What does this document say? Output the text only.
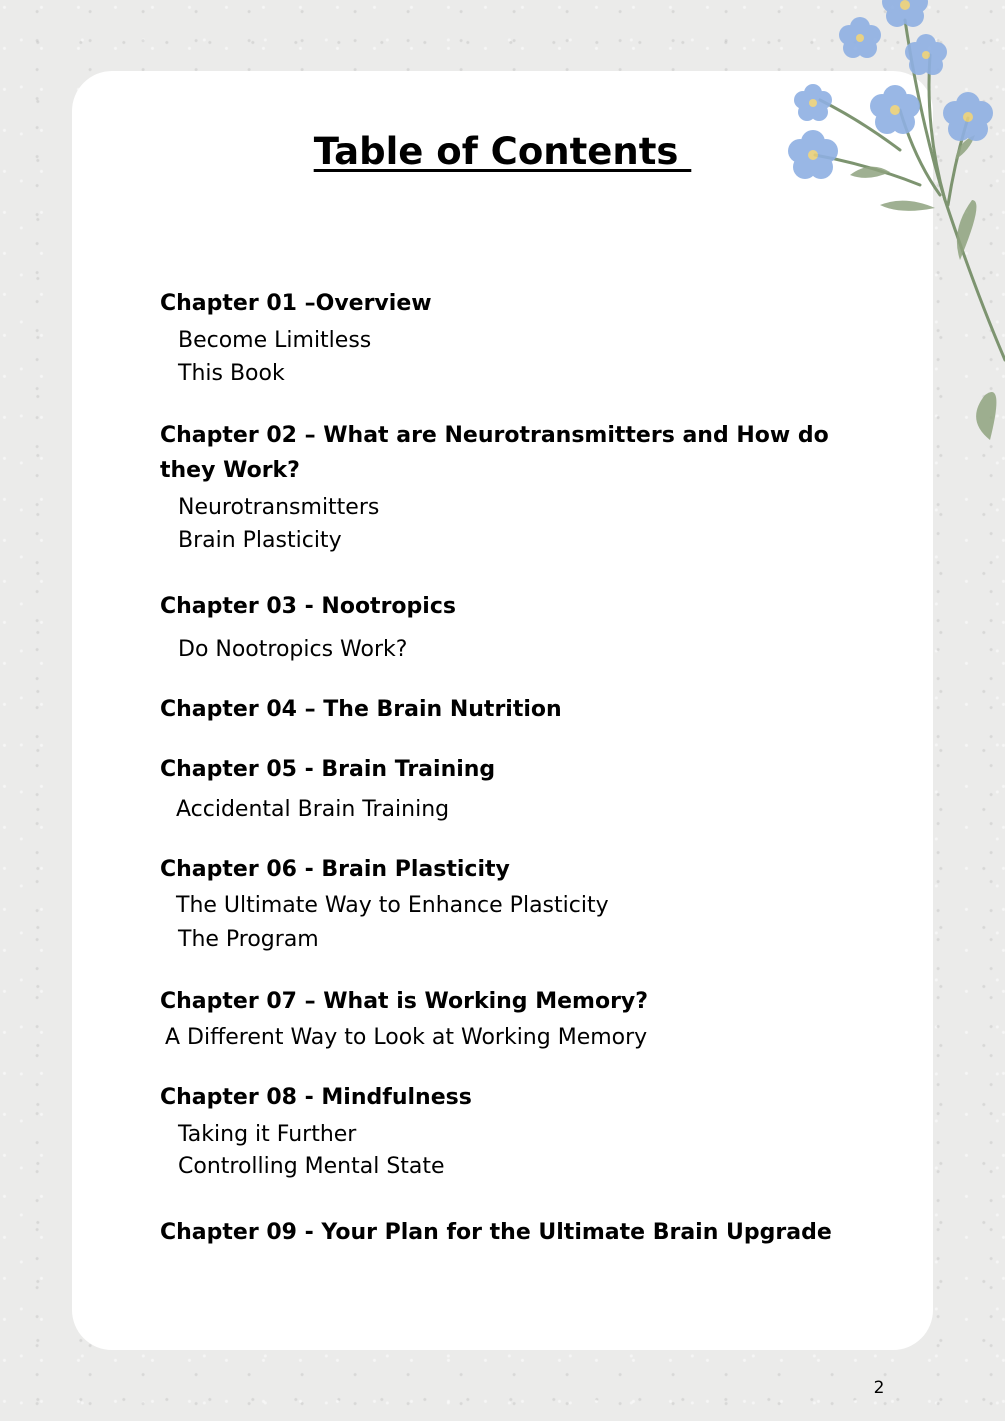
Table of Contents
Chapter 01 –Overview
Become Limitless
This Book
Chapter 02 – What are Neurotransmitters and How do
they Work?
Neurotransmitters
Brain Plasticity
Chapter 03 - Nootropics
Do Nootropics Work?
Chapter 04 – The Brain Nutrition
Chapter 05 - Brain Training
Accidental Brain Training
Chapter 06 - Brain Plasticity
The Ultimate Way to Enhance Plasticity
The Program
Chapter 07 – What is Working Memory?
A Different Way to Look at Working Memory
Chapter 08 - Mindfulness
Taking it Further
Controlling Mental State
Chapter 09 - Your Plan for the Ultimate Brain Upgrade
2
